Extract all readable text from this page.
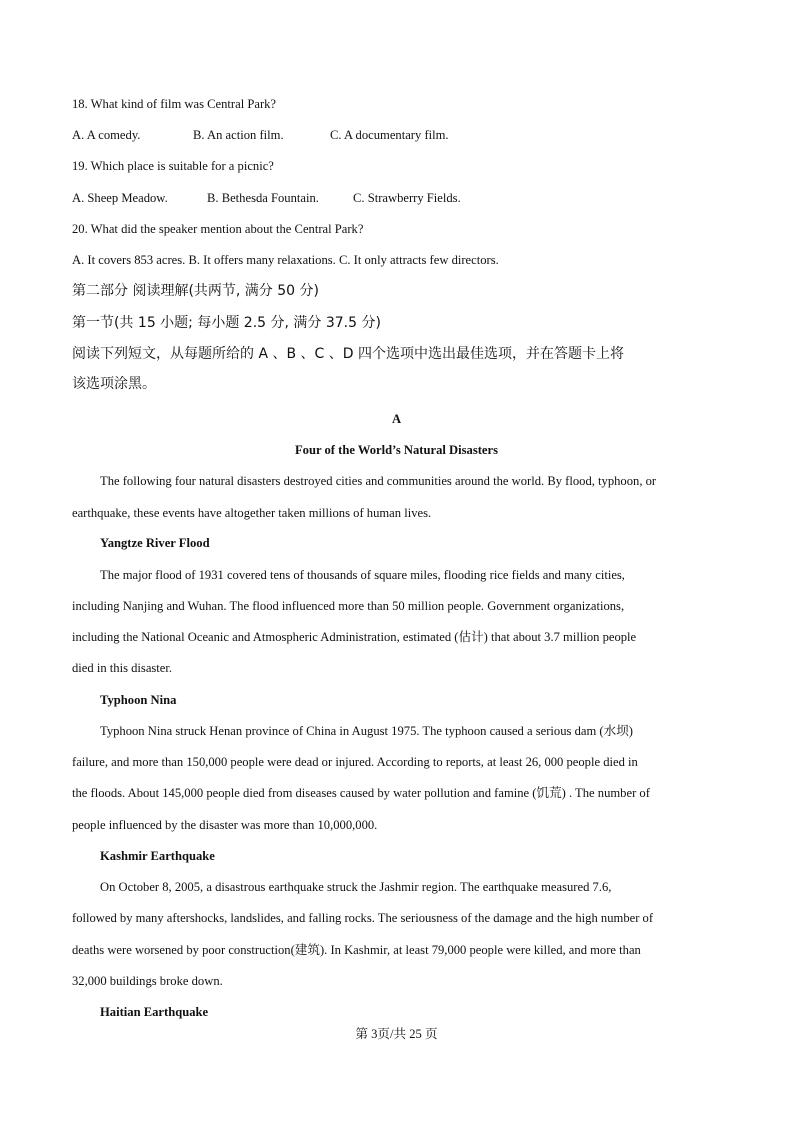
18. What kind of film was Central Park?
A. A comedy.	B. An action film.	C. A documentary film.
19. Which place is suitable for a picnic?
A. Sheep Meadow.	B. Bethesda Fountain.	C. Strawberry Fields.
20. What did the speaker mention about the Central Park?
A. It covers 853 acres. B. It offers many relaxations. C. It only attracts few directors.
第二部分 阅读理解(共两节, 满分 50 分)
第一节(共 15 小题; 每小题 2.5 分, 满分 37.5 分)
阅读下列短文，从每题所给的 A 、B 、C 、D 四个选项中选出最佳选项，并在答题卡上将
该选项涂黑。
A
Four of the World’s Natural Disasters
The following four natural disasters destroyed cities and communities around the world. By flood, typhoon, or
earthquake, these events have altogether taken millions of human lives.
Yangtze River Flood
The major flood of 1931 covered tens of thousands of square miles, flooding rice fields and many cities,
including Nanjing and Wuhan. The flood influenced more than 50 million people. Government organizations,
including the National Oceanic and Atmospheric Administration, estimated (估计) that about 3.7 million people
died in this disaster.
Typhoon Nina
Typhoon Nina struck Henan province of China in August 1975. The typhoon caused a serious dam (水坝)
failure, and more than 150,000 people were dead or injured. According to reports, at least 26, 000 people died in
the floods. About 145,000 people died from diseases caused by water pollution and famine (饥荒) . The number of
people influenced by the disaster was more than 10,000,000.
Kashmir Earthquake
On October 8, 2005, a disastrous earthquake struck the Jashmir region. The earthquake measured 7.6,
followed by many aftershocks, landslides, and falling rocks. The seriousness of the damage and the high number of
deaths were worsened by poor construction(建筑). In Kashmir, at least 79,000 people were killed, and more than
32,000 buildings broke down.
Haitian Earthquake
第 3页/共 25 页
